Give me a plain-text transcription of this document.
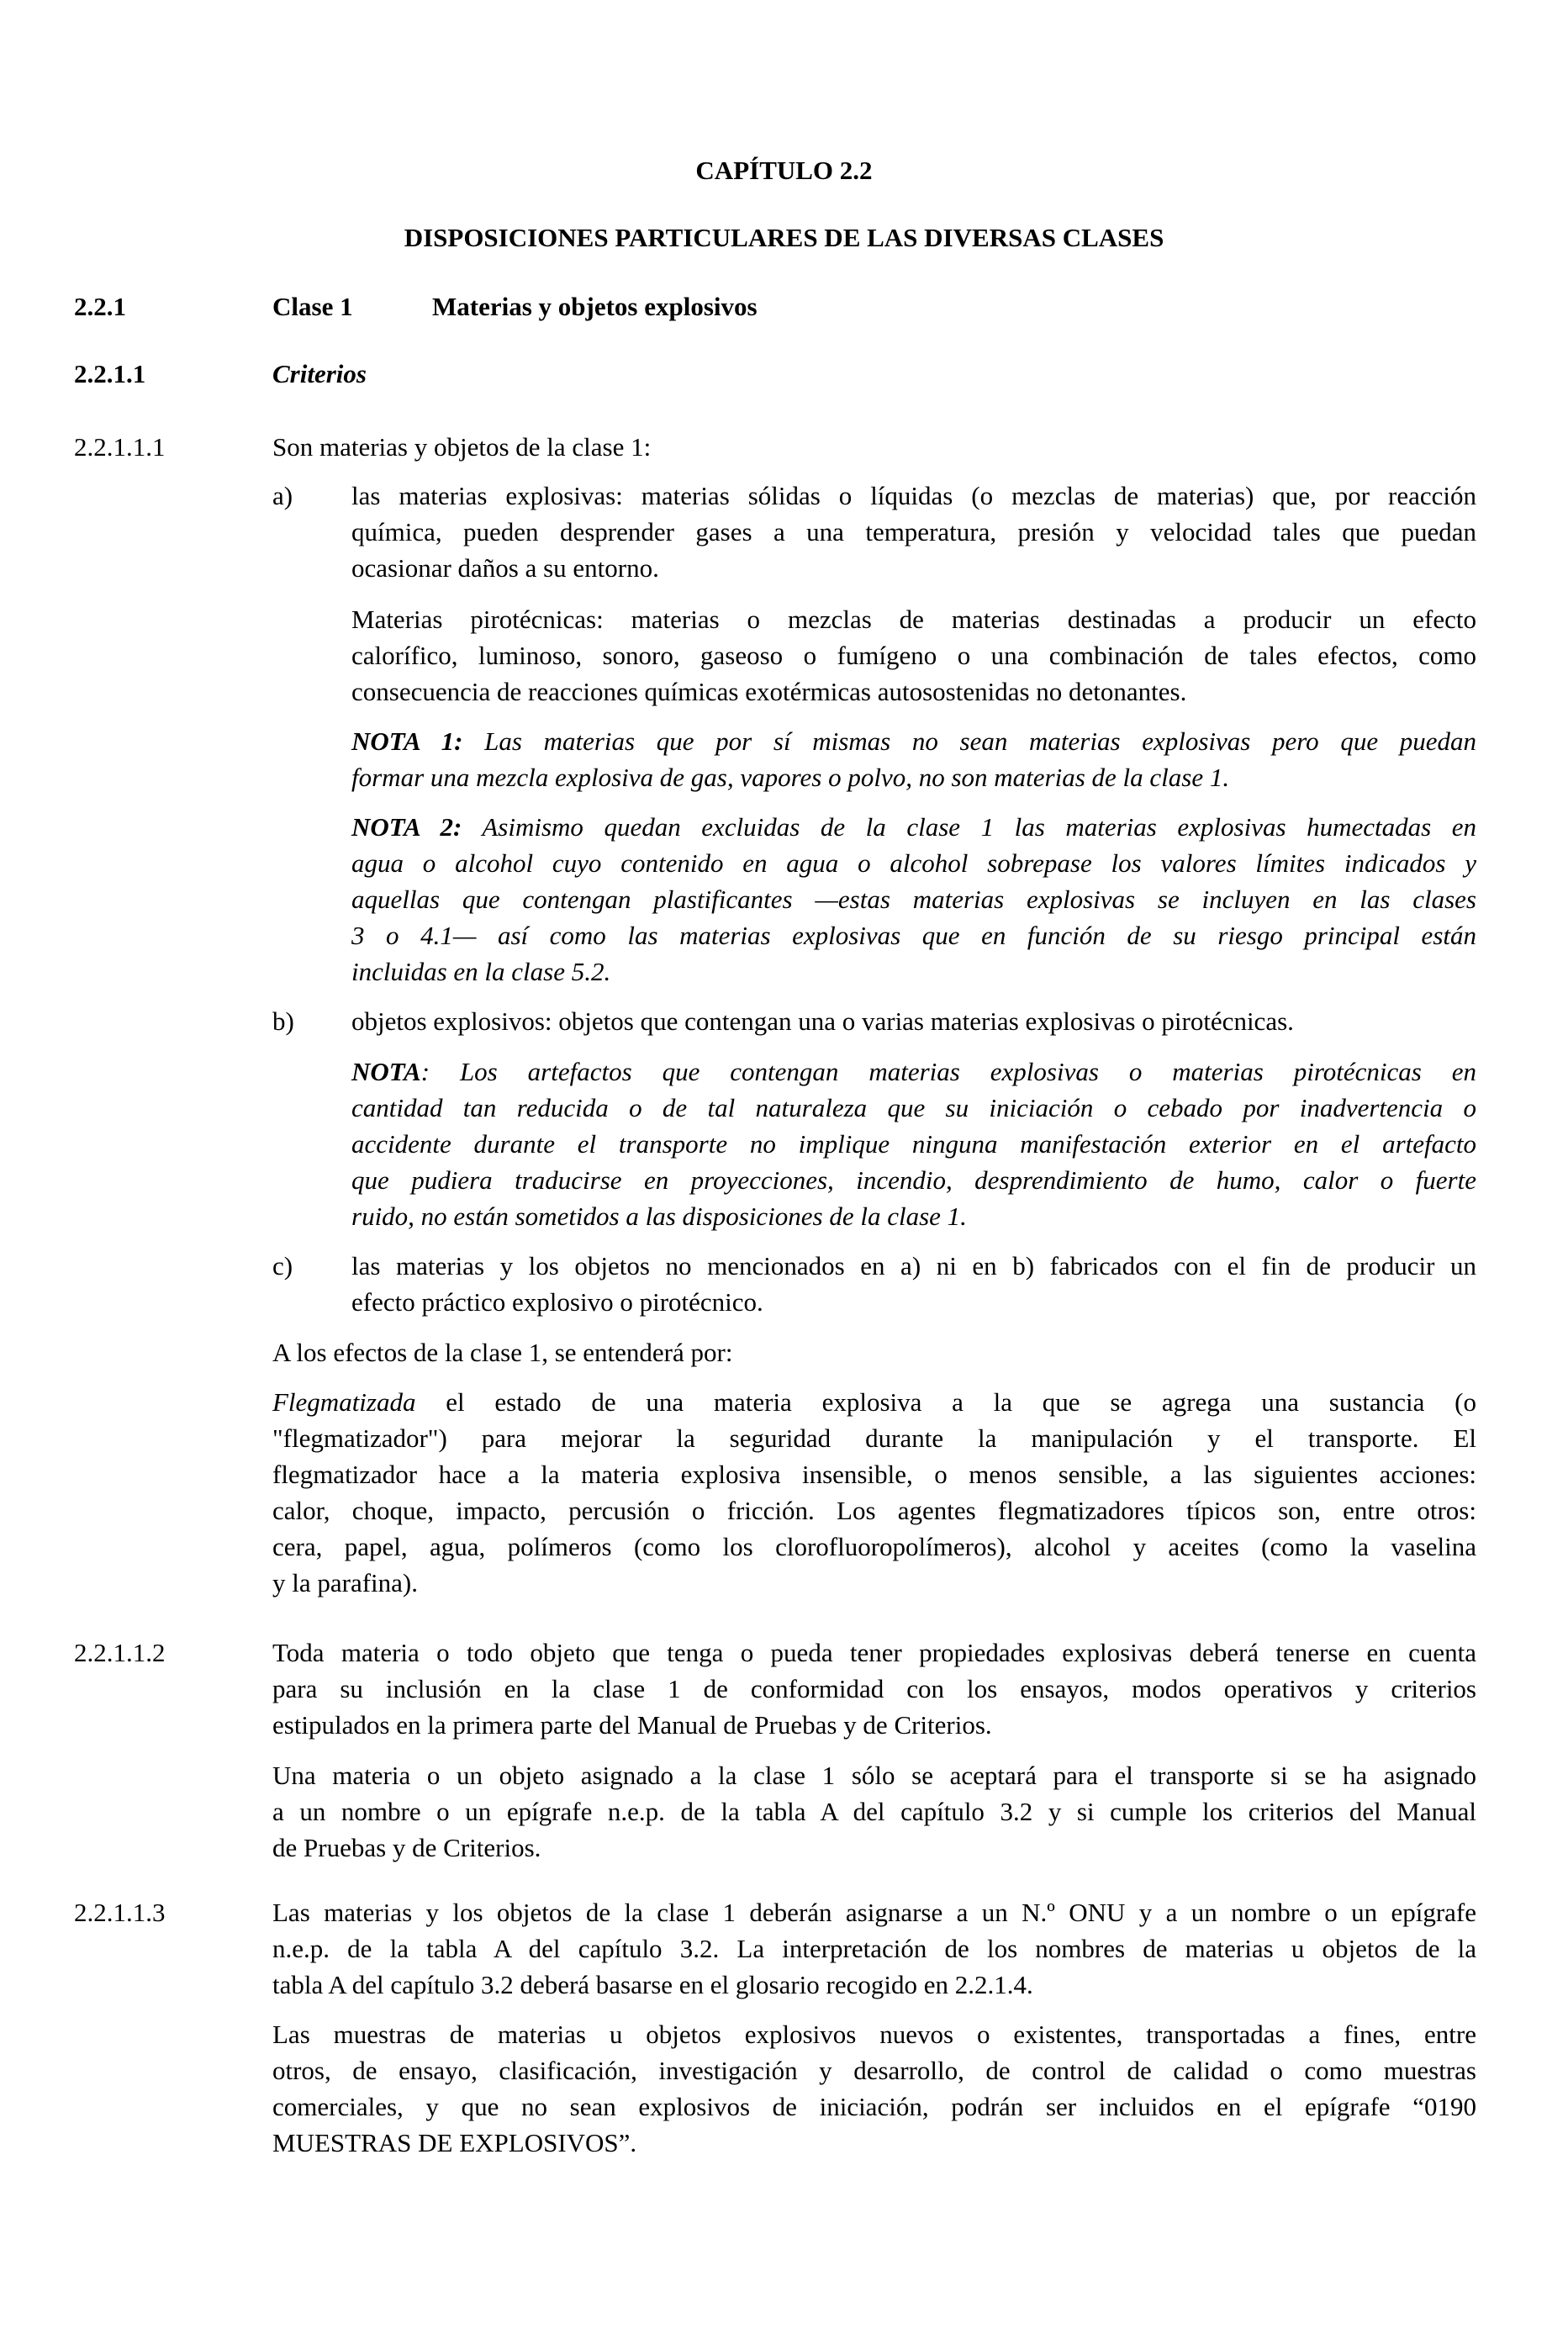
CAPÍTULO 2.2
DISPOSICIONES PARTICULARES DE LAS DIVERSAS CLASES
2.2.1	Clase 1	Materias y objetos explosivos
2.2.1.1	Criterios
2.2.1.1.1	Son materias y objetos de la clase 1:
a) las materias explosivas: materias sólidas o líquidas (o mezclas de materias) que, por reacción
química, pueden desprender gases a una temperatura, presión y velocidad tales que puedan
ocasionar daños a su entorno.
Materias pirotécnicas: materias o mezclas de materias destinadas a producir un efecto
calorífico, luminoso, sonoro, gaseoso o fumígeno o una combinación de tales efectos, como
consecuencia de reacciones químicas exotérmicas autosostenidas no detonantes.
NOTA 1: Las materias que por sí mismas no sean materias explosivas pero que puedan
formar una mezcla explosiva de gas, vapores o polvo, no son materias de la clase 1.
NOTA 2: Asimismo quedan excluidas de la clase 1 las materias explosivas humectadas en
agua o alcohol cuyo contenido en agua o alcohol sobrepase los valores límites indicados y
aquellas que contengan plastificantes —estas materias explosivas se incluyen en las clases
3 o 4.1— así como las materias explosivas que en función de su riesgo principal están
incluidas en la clase 5.2.
b) objetos explosivos: objetos que contengan una o varias materias explosivas o pirotécnicas.
NOTA: Los artefactos que contengan materias explosivas o materias pirotécnicas en
cantidad tan reducida o de tal naturaleza que su iniciación o cebado por inadvertencia o
accidente durante el transporte no implique ninguna manifestación exterior en el artefacto
que pudiera traducirse en proyecciones, incendio, desprendimiento de humo, calor o fuerte
ruido, no están sometidos a las disposiciones de la clase 1.
c) las materias y los objetos no mencionados en a) ni en b) fabricados con el fin de producir un
efecto práctico explosivo o pirotécnico.
A los efectos de la clase 1, se entenderá por:
Flegmatizada el estado de una materia explosiva a la que se agrega una sustancia (o
"flegmatizador") para mejorar la seguridad durante la manipulación y el transporte. El
flegmatizador hace a la materia explosiva insensible, o menos sensible, a las siguientes acciones:
calor, choque, impacto, percusión o fricción. Los agentes flegmatizadores típicos son, entre otros:
cera, papel, agua, polímeros (como los clorofluoropolímeros), alcohol y aceites (como la vaselina
y la parafina).
2.2.1.1.2	Toda materia o todo objeto que tenga o pueda tener propiedades explosivas deberá tenerse en cuenta
para su inclusión en la clase 1 de conformidad con los ensayos, modos operativos y criterios
estipulados en la primera parte del Manual de Pruebas y de Criterios.
Una materia o un objeto asignado a la clase 1 sólo se aceptará para el transporte si se ha asignado
a un nombre o un epígrafe n.e.p. de la tabla A del capítulo 3.2 y si cumple los criterios del Manual
de Pruebas y de Criterios.
2.2.1.1.3	Las materias y los objetos de la clase 1 deberán asignarse a un N.º ONU y a un nombre o un epígrafe
n.e.p. de la tabla A del capítulo 3.2. La interpretación de los nombres de materias u objetos de la
tabla A del capítulo 3.2 deberá basarse en el glosario recogido en 2.2.1.4.
Las muestras de materias u objetos explosivos nuevos o existentes, transportadas a fines, entre
otros, de ensayo, clasificación, investigación y desarrollo, de control de calidad o como muestras
comerciales, y que no sean explosivos de iniciación, podrán ser incluidos en el epígrafe “0190
MUESTRAS DE EXPLOSIVOS”.
